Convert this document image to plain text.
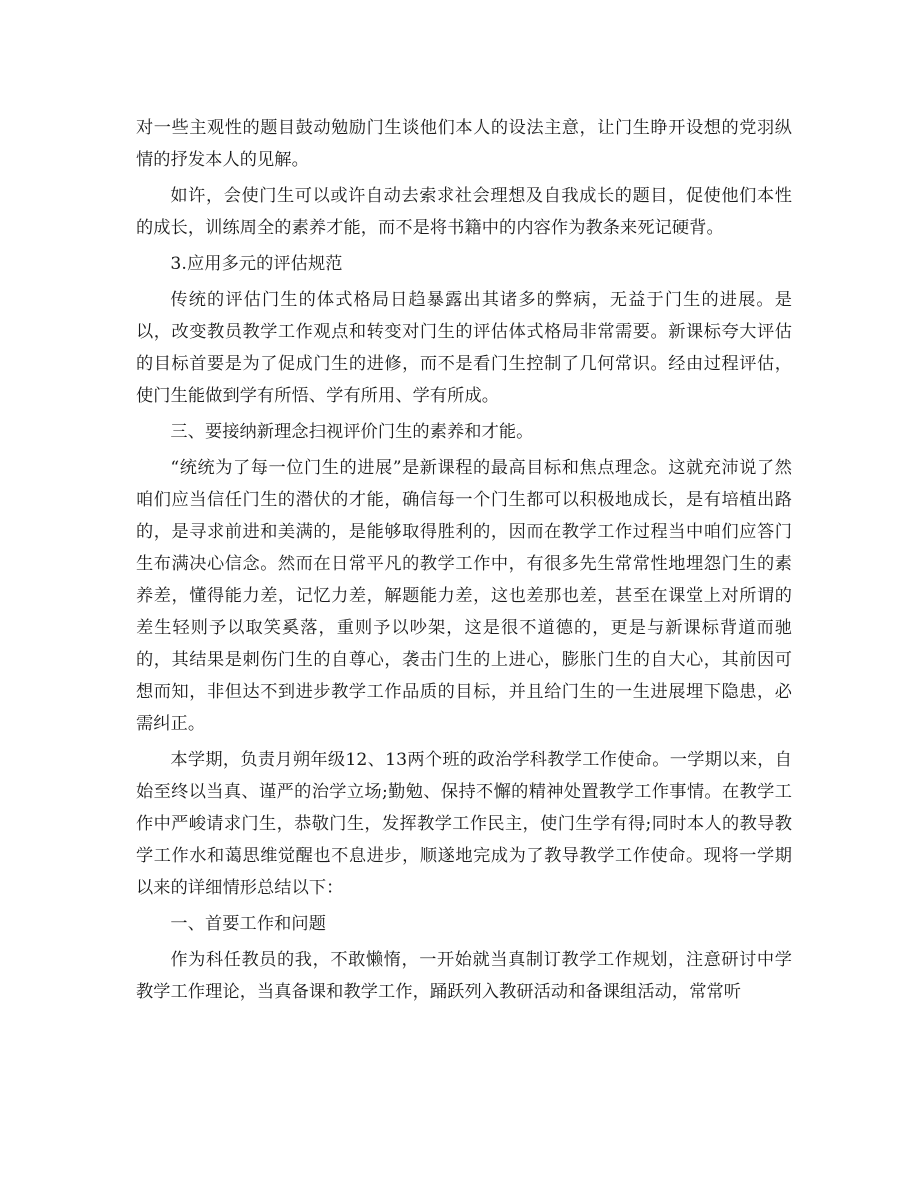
对一些主观性的题目鼓动勉励门生谈他们本人的设法主意，让门生睁开设想的党羽纵情的抒发本人的见解。

如许，会使门生可以或许自动去索求社会理想及自我成长的题目，促使他们本性的成长，训练周全的素养才能，而不是将书籍中的内容作为教条来死记硬背。

3.应用多元的评估规范

传统的评估门生的体式格局日趋暴露出其诸多的弊病，无益于门生的进展。是以，改变教员教学工作观点和转变对门生的评估体式格局非常需要。新课标夸大评估的目标首要是为了促成门生的进修，而不是看门生控制了几何常识。经由过程评估，使门生能做到学有所悟、学有所用、学有所成。

三、要接纳新理念扫视评价门生的素养和才能。

“统统为了每一位门生的进展”是新课程的最高目标和焦点理念。这就充沛说了然咱们应当信任门生的潜伏的才能，确信每一个门生都可以积极地成长，是有培植出路的，是寻求前进和美满的，是能够取得胜利的，因而在教学工作过程当中咱们应答门生布满决心信念。然而在日常平凡的教学工作中，有很多先生常常性地埋怨门生的素养差，懂得能力差，记忆力差，解题能力差，这也差那也差，甚至在课堂上对所谓的差生轻则予以取笑奚落，重则予以吵架，这是很不道德的，更是与新课标背道而驰的，其结果是刺伤门生的自尊心，袭击门生的上进心，膨胀门生的自大心，其前因可想而知，非但达不到进步教学工作品质的目标，并且给门生的一生进展埋下隐患，必需纠正。

本学期，负责月朔年级12、13两个班的政治学科教学工作使命。一学期以来，自始至终以当真、谨严的治学立场;勤勉、保持不懈的精神处置教学工作事情。在教学工作中严峻请求门生，恭敬门生，发挥教学工作民主，使门生学有得;同时本人的教导教学工作水和蔼思维觉醒也不息进步，顺遂地完成为了教导教学工作使命。现将一学期以来的详细情形总结以下：

一、首要工作和问题

作为科任教员的我，不敢懒惰，一开始就当真制订教学工作规划，注意研讨中学教学工作理论，当真备课和教学工作，踊跃列入教研活动和备课组活动，常常听
